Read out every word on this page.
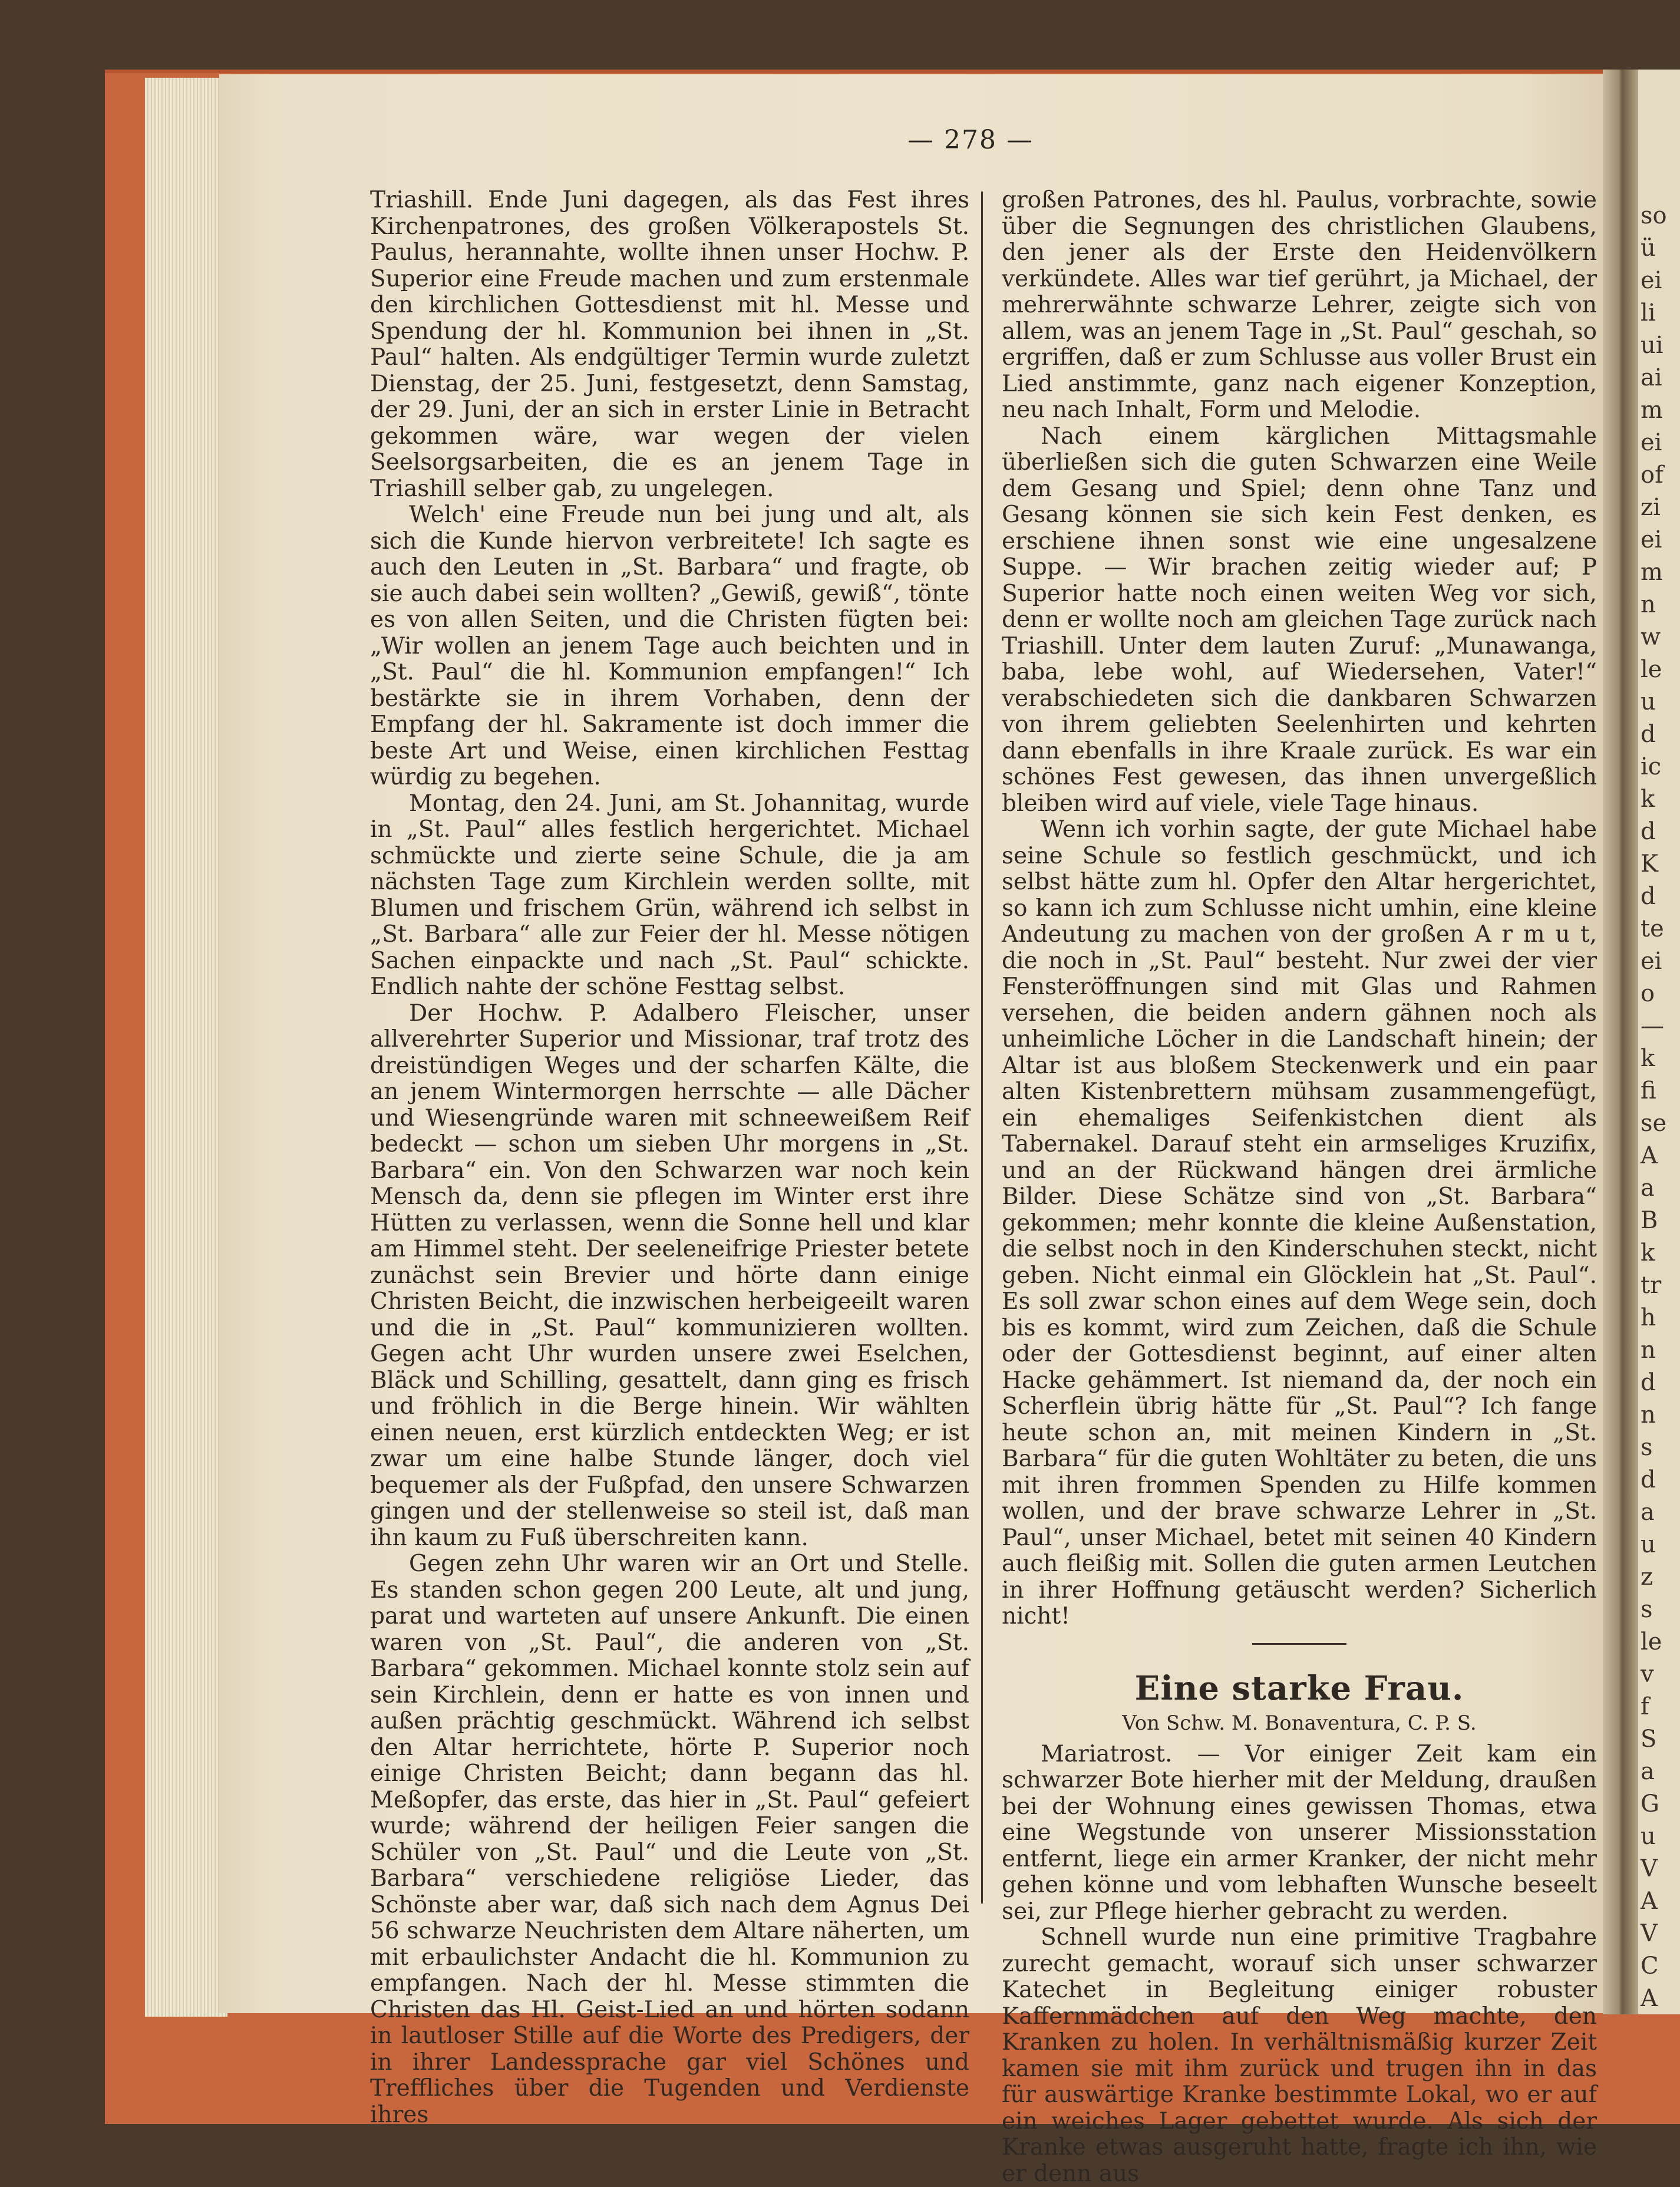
so
ü
ei
li
ui
ai
m
ei
of
zi
ei
m
n
w
le
u
d
ic
k
d
K
d
te
ei
o
—
k
fi
se
A
a
B
k
tr
h
n
d
n
s
d
a
u
z
s
le
v
f
S
a
G
u
V
A
V
C
A
— 278 —

Triashill. Ende Juni dagegen, als das Fest ihres Kirchenpatrones, des großen Völkerapostels St. Paulus, herannahte, wollte ihnen unser Hochw. P. Superior eine Freude machen und zum erstenmale den kirchlichen Gottesdienst mit hl. Messe und Spendung der hl. Kommunion bei ihnen in „St. Paul“ halten. Als endgültiger Termin wurde zuletzt Dienstag, der 25. Juni, festgesetzt, denn Samstag, der 29. Juni, der an sich in erster Linie in Betracht gekommen wäre, war wegen der vielen Seelsorgsarbeiten, die es an jenem Tage in Triashill selber gab, zu ungelegen.

Welch' eine Freude nun bei jung und alt, als sich die Kunde hiervon verbreitete! Ich sagte es auch den Leuten in „St. Barbara“ und fragte, ob sie auch dabei sein wollten? „Gewiß, gewiß“, tönte es von allen Seiten, und die Christen fügten bei: „Wir wollen an jenem Tage auch beichten und in „St. Paul“ die hl. Kommunion empfangen!“ Ich bestärkte sie in ihrem Vorhaben, denn der Empfang der hl. Sakramente ist doch immer die beste Art und Weise, einen kirchlichen Festtag würdig zu begehen.

Montag, den 24. Juni, am St. Johannitag, wurde in „St. Paul“ alles festlich hergerichtet. Michael schmückte und zierte seine Schule, die ja am nächsten Tage zum Kirchlein werden sollte, mit Blumen und frischem Grün, während ich selbst in „St. Barbara“ alle zur Feier der hl. Messe nötigen Sachen einpackte und nach „St. Paul“ schickte. Endlich nahte der schöne Festtag selbst.

Der Hochw. P. Adalbero Fleischer, unser allverehrter Superior und Missionar, traf trotz des dreistündigen Weges und der scharfen Kälte, die an jenem Wintermorgen herrschte — alle Dächer und Wiesengründe waren mit schneeweißem Reif bedeckt — schon um sieben Uhr morgens in „St. Barbara“ ein. Von den Schwarzen war noch kein Mensch da, denn sie pflegen im Winter erst ihre Hütten zu verlassen, wenn die Sonne hell und klar am Himmel steht. Der seeleneifrige Priester betete zunächst sein Brevier und hörte dann einige Christen Beicht, die inzwischen herbeigeeilt waren und die in „St. Paul“ kommunizieren wollten. Gegen acht Uhr wurden unsere zwei Eselchen, Bläck und Schilling, gesattelt, dann ging es frisch und fröhlich in die Berge hinein. Wir wählten einen neuen, erst kürzlich entdeckten Weg; er ist zwar um eine halbe Stunde länger, doch viel bequemer als der Fußpfad, den unsere Schwarzen gingen und der stellenweise so steil ist, daß man ihn kaum zu Fuß überschreiten kann.

Gegen zehn Uhr waren wir an Ort und Stelle. Es standen schon gegen 200 Leute, alt und jung, parat und warteten auf unsere Ankunft. Die einen waren von „St. Paul“, die anderen von „St. Barbara“ gekommen. Michael konnte stolz sein auf sein Kirchlein, denn er hatte es von innen und außen prächtig geschmückt. Während ich selbst den Altar herrichtete, hörte P. Superior noch einige Christen Beicht; dann begann das hl. Meßopfer, das erste, das hier in „St. Paul“ gefeiert wurde; während der heiligen Feier sangen die Schüler von „St. Paul“ und die Leute von „St. Barbara“ verschiedene religiöse Lieder, das Schönste aber war, daß sich nach dem Agnus Dei 56 schwarze Neuchristen dem Altare näherten, um mit erbaulichster Andacht die hl. Kommunion zu empfangen. Nach der hl. Messe stimmten die Christen das Hl. Geist-Lied an und hörten sodann in lautloser Stille auf die Worte des Predigers, der in ihrer Landessprache gar viel Schönes und Treffliches über die Tugenden und Verdienste ihres

großen Patrones, des hl. Paulus, vorbrachte, sowie über die Segnungen des christlichen Glaubens, den jener als der Erste den Heidenvölkern verkündete. Alles war tief gerührt, ja Michael, der mehrerwähnte schwarze Lehrer, zeigte sich von allem, was an jenem Tage in „St. Paul“ geschah, so ergriffen, daß er zum Schlusse aus voller Brust ein Lied anstimmte, ganz nach eigener Konzeption, neu nach Inhalt, Form und Melodie.

Nach einem kärglichen Mittagsmahle überließen sich die guten Schwarzen eine Weile dem Gesang und Spiel; denn ohne Tanz und Gesang können sie sich kein Fest denken, es erschiene ihnen sonst wie eine ungesalzene Suppe. — Wir brachen zeitig wieder auf; P Superior hatte noch einen weiten Weg vor sich, denn er wollte noch am gleichen Tage zurück nach Triashill. Unter dem lauten Zuruf: „Munawanga, baba, lebe wohl, auf Wiedersehen, Vater!“ verabschiedeten sich die dankbaren Schwarzen von ihrem geliebten Seelenhirten und kehrten dann ebenfalls in ihre Kraale zurück. Es war ein schönes Fest gewesen, das ihnen unvergeßlich bleiben wird auf viele, viele Tage hinaus.

Wenn ich vorhin sagte, der gute Michael habe seine Schule so festlich geschmückt, und ich selbst hätte zum hl. Opfer den Altar hergerichtet, so kann ich zum Schlusse nicht umhin, eine kleine Andeutung zu machen von der großen A r m u t, die noch in „St. Paul“ besteht. Nur zwei der vier Fensteröffnungen sind mit Glas und Rahmen versehen, die beiden andern gähnen noch als unheimliche Löcher in die Landschaft hinein; der Altar ist aus bloßem Steckenwerk und ein paar alten Kistenbrettern mühsam zusammengefügt, ein ehemaliges Seifenkistchen dient als Tabernakel. Darauf steht ein armseliges Kruzifix, und an der Rückwand hängen drei ärmliche Bilder. Diese Schätze sind von „St. Barbara“ gekommen; mehr konnte die kleine Außenstation, die selbst noch in den Kinderschuhen steckt, nicht geben. Nicht einmal ein Glöcklein hat „St. Paul“. Es soll zwar schon eines auf dem Wege sein, doch bis es kommt, wird zum Zeichen, daß die Schule oder der Gottesdienst beginnt, auf einer alten Hacke gehämmert. Ist niemand da, der noch ein Scherflein übrig hätte für „St. Paul“? Ich fange heute schon an, mit meinen Kindern in „St. Barbara“ für die guten Wohltäter zu beten, die uns mit ihren frommen Spenden zu Hilfe kommen wollen, und der brave schwarze Lehrer in „St. Paul“, unser Michael, betet mit seinen 40 Kindern auch fleißig mit. Sollen die guten armen Leutchen in ihrer Hoffnung getäuscht werden? Sicherlich nicht!

Eine starke Frau.
Von Schw. M. Bonaventura, C. P. S.

Mariatrost. — Vor einiger Zeit kam ein schwarzer Bote hierher mit der Meldung, draußen bei der Wohnung eines gewissen Thomas, etwa eine Wegstunde von unserer Missionsstation entfernt, liege ein armer Kranker, der nicht mehr gehen könne und vom lebhaften Wunsche beseelt sei, zur Pflege hierher gebracht zu werden.

Schnell wurde nun eine primitive Tragbahre zurecht gemacht, worauf sich unser schwarzer Katechet in Begleitung einiger robuster Kaffernmädchen auf den Weg machte, den Kranken zu holen. In verhältnismäßig kurzer Zeit kamen sie mit ihm zurück und trugen ihn in das für auswärtige Kranke bestimmte Lokal, wo er auf ein weiches Lager gebettet wurde. Als sich der Kranke etwas ausgeruht hatte, fragte ich ihn, wie er denn aus
